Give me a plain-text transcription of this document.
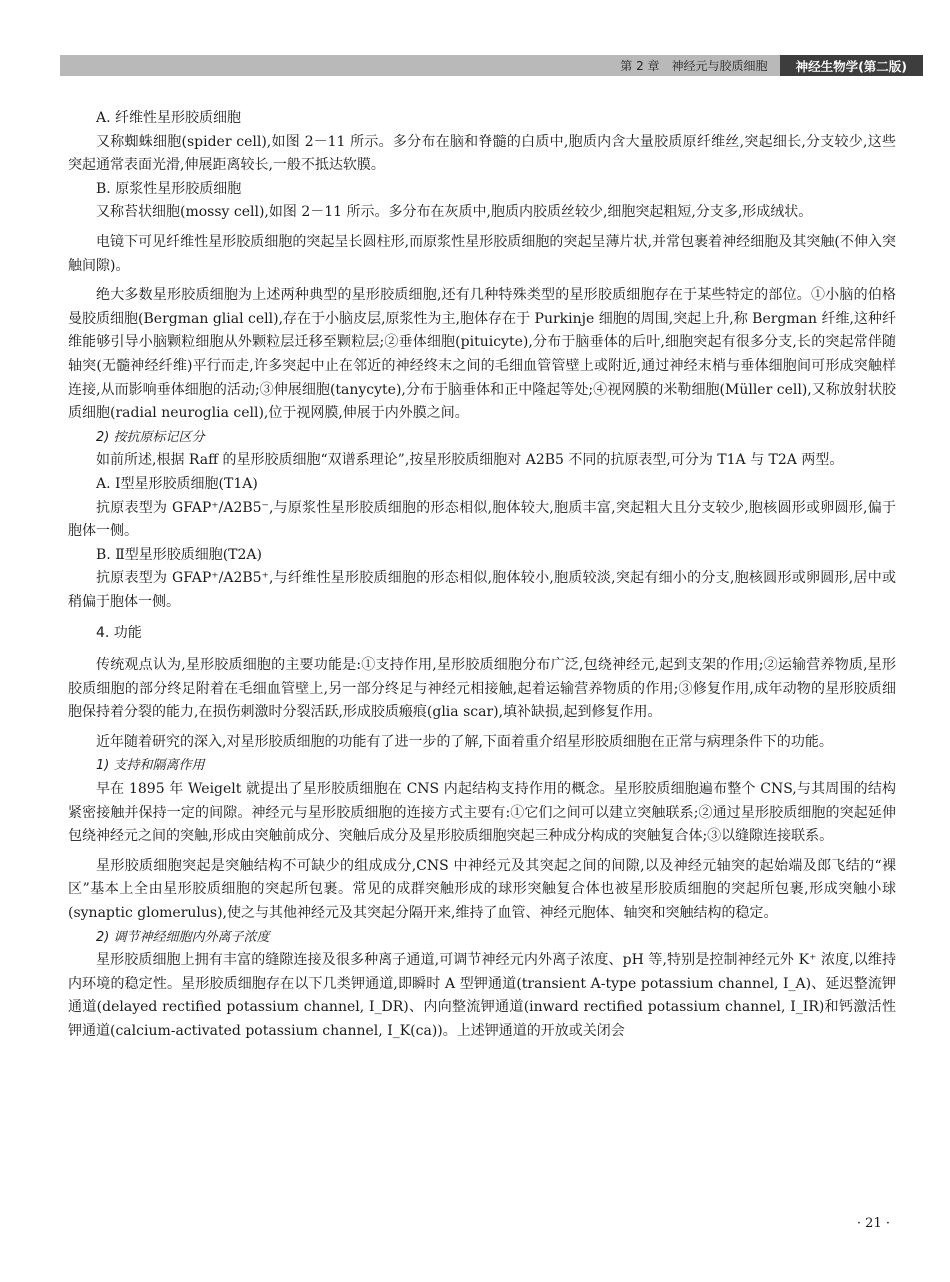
第 2 章　神经元与胶质细胞	神经生物学(第二版)

A. 纤维性星形胶质细胞

又称蜘蛛细胞(spider cell),如图 2－11 所示。多分布在脑和脊髓的白质中,胞质内含大量胶质原纤维丝,突起细长,分支较少,这些突起通常表面光滑,伸展距离较长,一般不抵达软膜。

B. 原浆性星形胶质细胞

又称苔状细胞(mossy cell),如图 2－11 所示。多分布在灰质中,胞质内胶质丝较少,细胞突起粗短,分支多,形成绒状。

电镜下可见纤维性星形胶质细胞的突起呈长圆柱形,而原浆性星形胶质细胞的突起呈薄片状,并常包裹着神经细胞及其突触(不伸入突触间隙)。

绝大多数星形胶质细胞为上述两种典型的星形胶质细胞,还有几种特殊类型的星形胶质细胞存在于某些特定的部位。①小脑的伯格曼胶质细胞(Bergman glial cell),存在于小脑皮层,原浆性为主,胞体存在于 Purkinje 细胞的周围,突起上升,称 Bergman 纤维,这种纤维能够引导小脑颗粒细胞从外颗粒层迁移至颗粒层;②垂体细胞(pituicyte),分布于脑垂体的后叶,细胞突起有很多分支,长的突起常伴随轴突(无髓神经纤维)平行而走,许多突起中止在邻近的神经终末之间的毛细血管管壁上或附近,通过神经末梢与垂体细胞间可形成突触样连接,从而影响垂体细胞的活动;③伸展细胞(tanycyte),分布于脑垂体和正中隆起等处;④视网膜的米勒细胞(Müller cell),又称放射状胶质细胞(radial neuroglia cell),位于视网膜,伸展于内外膜之间。

2) 按抗原标记区分

如前所述,根据 Raff 的星形胶质细胞“双谱系理论”,按星形胶质细胞对 A2B5 不同的抗原表型,可分为 T1A 与 T2A 两型。

A. Ⅰ型星形胶质细胞(T1A)

抗原表型为 GFAP⁺/A2B5⁻,与原浆性星形胶质细胞的形态相似,胞体较大,胞质丰富,突起粗大且分支较少,胞核圆形或卵圆形,偏于胞体一侧。

B. Ⅱ型星形胶质细胞(T2A)

抗原表型为 GFAP⁺/A2B5⁺,与纤维性星形胶质细胞的形态相似,胞体较小,胞质较淡,突起有细小的分支,胞核圆形或卵圆形,居中或稍偏于胞体一侧。

4. 功能

传统观点认为,星形胶质细胞的主要功能是:①支持作用,星形胶质细胞分布广泛,包绕神经元,起到支架的作用;②运输营养物质,星形胶质细胞的部分终足附着在毛细血管壁上,另一部分终足与神经元相接触,起着运输营养物质的作用;③修复作用,成年动物的星形胶质细胞保持着分裂的能力,在损伤刺激时分裂活跃,形成胶质瘢痕(glia scar),填补缺损,起到修复作用。

近年随着研究的深入,对星形胶质细胞的功能有了进一步的了解,下面着重介绍星形胶质细胞在正常与病理条件下的功能。

1) 支持和隔离作用

早在 1895 年 Weigelt 就提出了星形胶质细胞在 CNS 内起结构支持作用的概念。星形胶质细胞遍布整个 CNS,与其周围的结构紧密接触并保持一定的间隙。神经元与星形胶质细胞的连接方式主要有:①它们之间可以建立突触联系;②通过星形胶质细胞的突起延伸包绕神经元之间的突触,形成由突触前成分、突触后成分及星形胶质细胞突起三种成分构成的突触复合体;③以缝隙连接联系。

星形胶质细胞突起是突触结构不可缺少的组成成分,CNS 中神经元及其突起之间的间隙,以及神经元轴突的起始端及郎飞结的“裸区”基本上全由星形胶质细胞的突起所包裹。常见的成群突触形成的球形突触复合体也被星形胶质细胞的突起所包裹,形成突触小球(synaptic glomerulus),使之与其他神经元及其突起分隔开来,维持了血管、神经元胞体、轴突和突触结构的稳定。

2) 调节神经细胞内外离子浓度

星形胶质细胞上拥有丰富的缝隙连接及很多种离子通道,可调节神经元内外离子浓度、pH 等,特别是控制神经元外 K⁺ 浓度,以维持内环境的稳定性。星形胶质细胞存在以下几类钾通道,即瞬时 A 型钾通道(transient A-type potassium channel, I_A)、延迟整流钾通道(delayed rectified potassium channel, I_DR)、内向整流钾通道(inward rectified potassium channel, I_IR)和钙激活性钾通道(calcium-activated potassium channel, I_K(ca))。上述钾通道的开放或关闭会

· 21 ·
